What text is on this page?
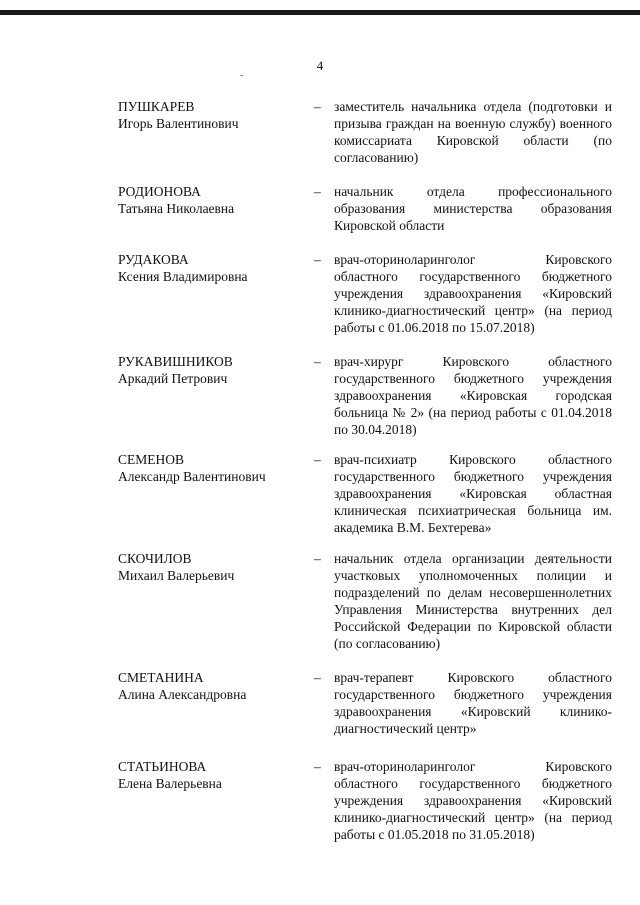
-
4
ПУШКАРЕВ
Игорь Валентинович
– заместитель начальника отдела (подготовки и призыва граждан на военную службу) военного комиссариата Кировской области (по согласованию)
РОДИОНОВА
Татьяна Николаевна
– начальник отдела профессионального образования министерства образования Кировской области
РУДАКОВА
Ксения Владимировна
– врач-оториноларинголог Кировского областного государственного бюджетного учреждения здравоохранения «Кировский клинико-диагностический центр» (на период работы с 01.06.2018 по 15.07.2018)
РУКАВИШНИКОВ
Аркадий Петрович
– врач-хирург Кировского областного государственного бюджетного учреждения здравоохранения «Кировская городская больница № 2» (на период работы с 01.04.2018 по 30.04.2018)
СЕМЕНОВ
Александр Валентинович
– врач-психиатр Кировского областного государственного бюджетного учреждения здравоохранения «Кировская областная клиническая психиатрическая больница им. академика В.М. Бехтерева»
СКОЧИЛОВ
Михаил Валерьевич
– начальник отдела организации деятельности участковых уполномоченных полиции и подразделений по делам несовершеннолетних Управления Министерства внутренних дел Российской Федерации по Кировской области (по согласованию)
СМЕТАНИНА
Алина Александровна
– врач-терапевт Кировского областного государственного бюджетного учреждения здравоохранения «Кировский клинико-диагностический центр»
СТАТЬИНОВА
Елена Валерьевна
– врач-оториноларинголог Кировского областного государственного бюджетного учреждения здравоохранения «Кировский клинико-диагностический центр» (на период работы с 01.05.2018 по 31.05.2018)
